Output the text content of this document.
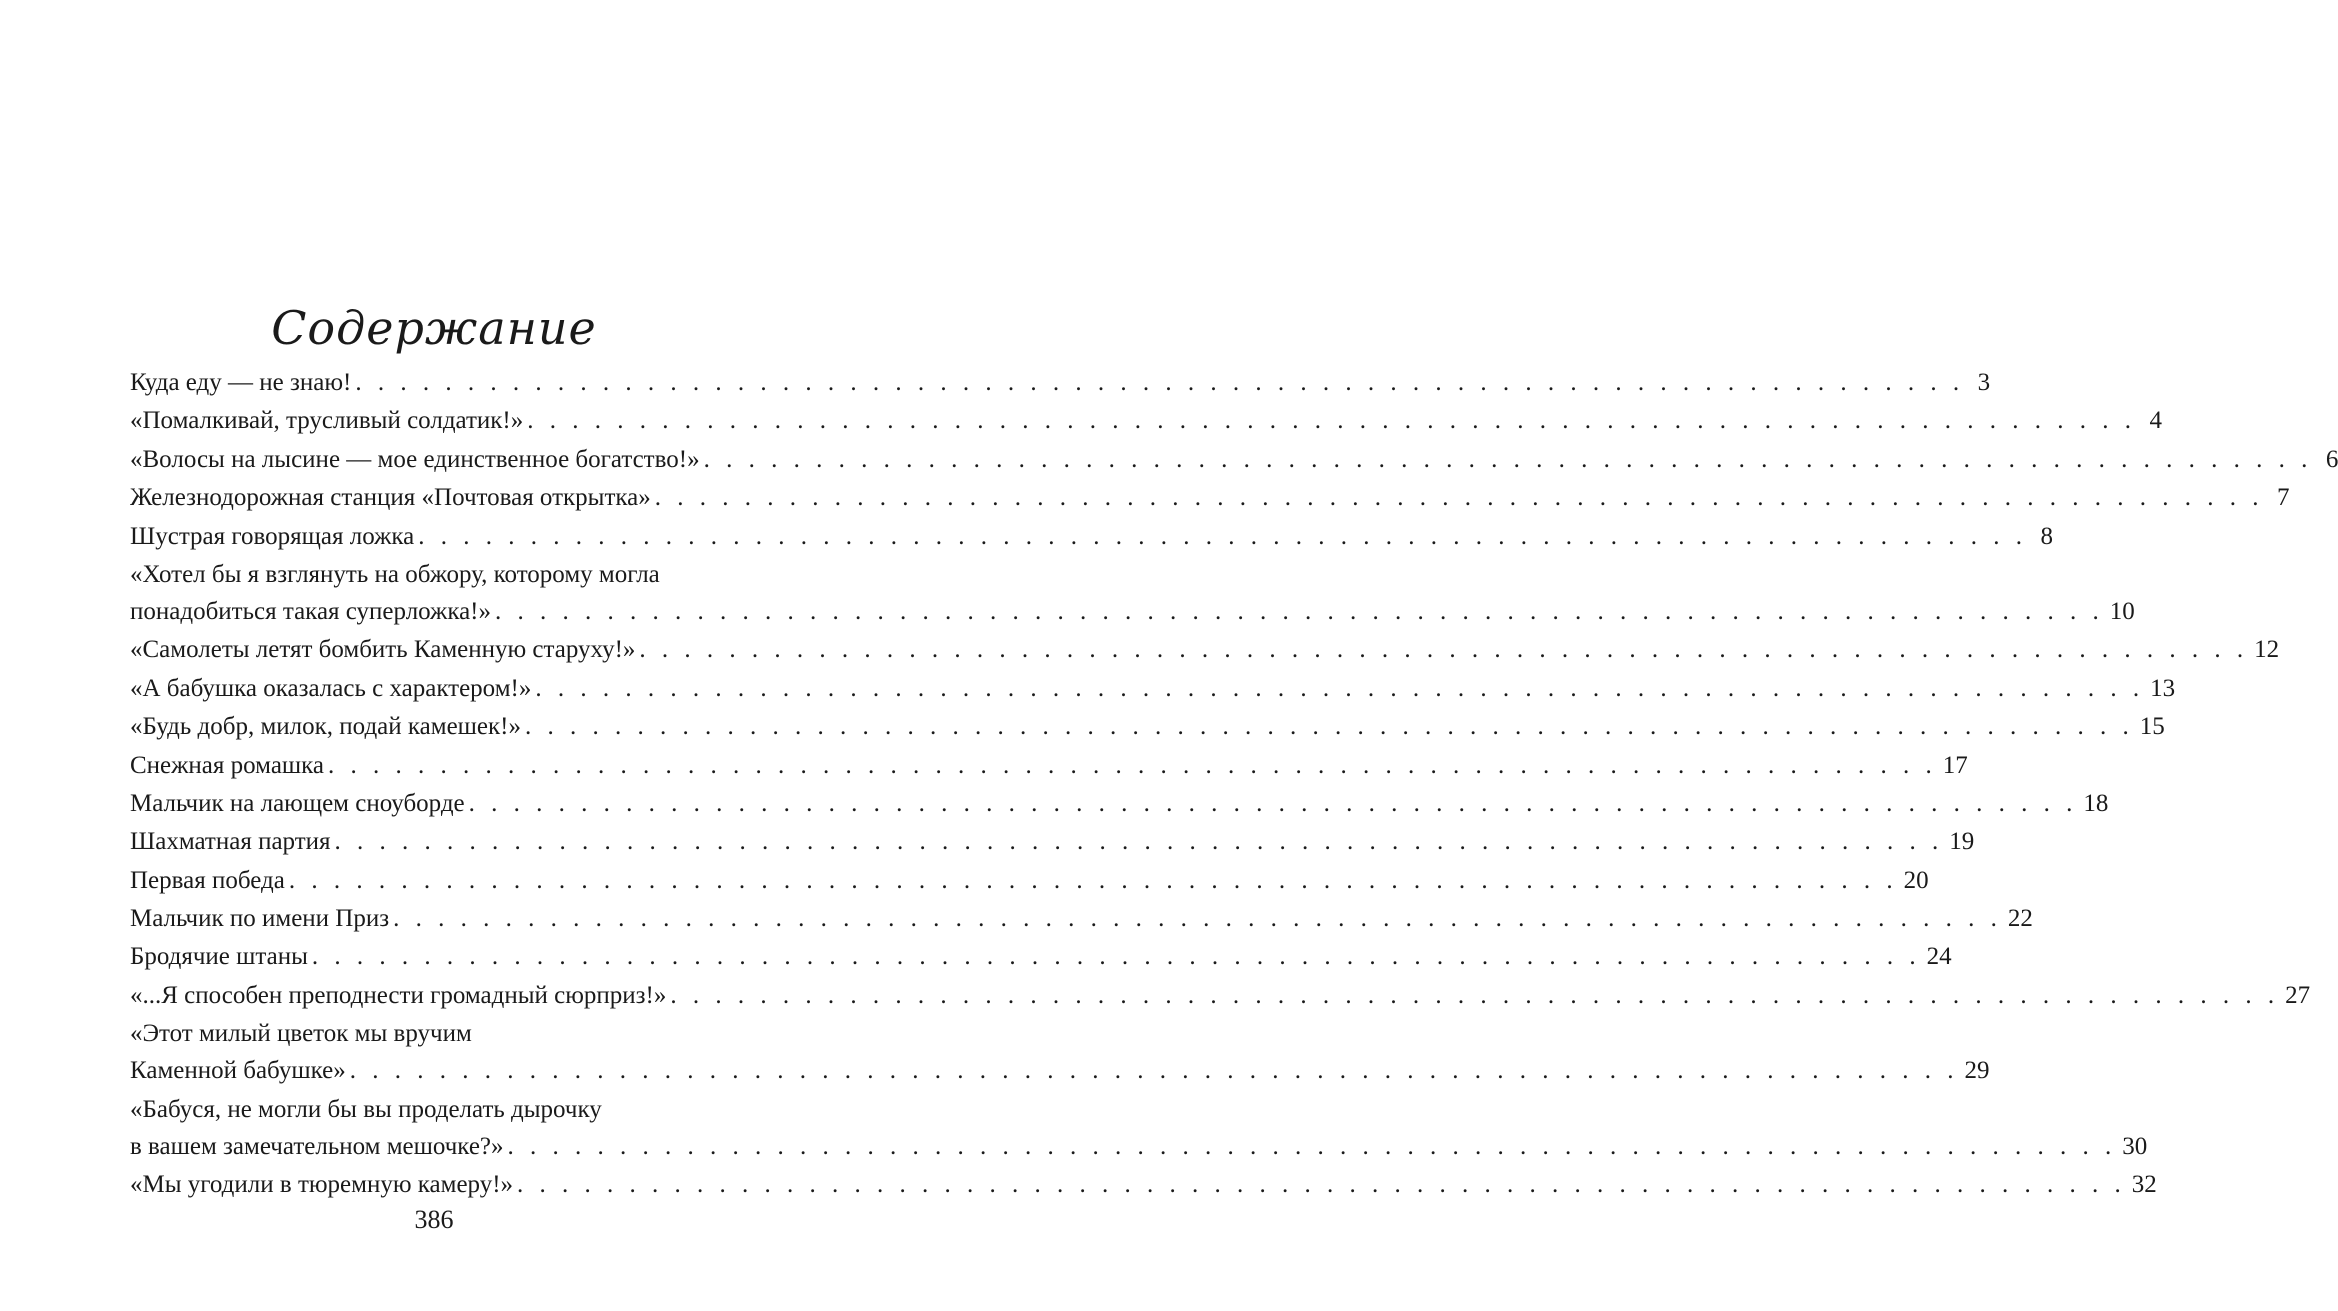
Содержание
Куда еду — не знаю! . . . . . . . . . . . . . . . . . . . . . . . . . . . . . . . . . . . . . . . . . . . . . . . . . . . . . . . . . . . . . . . . . . . . . . . . 3
«Помалкивай, трусливый солдатик!» . . . . . . . . . . . . . . . . . . . . . . . . . . . . . . . . . . . . . . . . . . . . . . . . . . . . . . . . . . . . . . . . . . . . . . . . 4
«Волосы на лысине — мое единственное богатство!» . . . . . . . . . . . . . . . . . . . . . . . . . . . . . . . . . . . . . . . . . . . . . . . . . . . . . . . . . . . . . . . . . . . . . . . . 6
Железнодорожная станция «Почтовая открытка» . . . . . . . . . . . . . . . . . . . . . . . . . . . . . . . . . . . . . . . . . . . . . . . . . . . . . . . . . . . . . . . . . . . . . . . . 7
Шустрая говорящая ложка . . . . . . . . . . . . . . . . . . . . . . . . . . . . . . . . . . . . . . . . . . . . . . . . . . . . . . . . . . . . . . . . . . . . . . . . 8
«Хотел бы я взглянуть на обжору, которому могла
понадобиться такая суперложка!» . . . . . . . . . . . . . . . . . . . . . . . . . . . . . . . . . . . . . . . . . . . . . . . . . . . . . . . . . . . . . . . . . . . . . . . . 10
«Самолеты летят бомбить Каменную старуху!» . . . . . . . . . . . . . . . . . . . . . . . . . . . . . . . . . . . . . . . . . . . . . . . . . . . . . . . . . . . . . . . . . . . . . . . . 12
«А бабушка оказалась с характером!» . . . . . . . . . . . . . . . . . . . . . . . . . . . . . . . . . . . . . . . . . . . . . . . . . . . . . . . . . . . . . . . . . . . . . . . . 13
«Будь добр, милок, подай камешек!» . . . . . . . . . . . . . . . . . . . . . . . . . . . . . . . . . . . . . . . . . . . . . . . . . . . . . . . . . . . . . . . . . . . . . . . . 15
Снежная ромашка . . . . . . . . . . . . . . . . . . . . . . . . . . . . . . . . . . . . . . . . . . . . . . . . . . . . . . . . . . . . . . . . . . . . . . . . 17
Мальчик на лающем сноуборде . . . . . . . . . . . . . . . . . . . . . . . . . . . . . . . . . . . . . . . . . . . . . . . . . . . . . . . . . . . . . . . . . . . . . . . . 18
Шахматная партия . . . . . . . . . . . . . . . . . . . . . . . . . . . . . . . . . . . . . . . . . . . . . . . . . . . . . . . . . . . . . . . . . . . . . . . . 19
Первая победа . . . . . . . . . . . . . . . . . . . . . . . . . . . . . . . . . . . . . . . . . . . . . . . . . . . . . . . . . . . . . . . . . . . . . . . . 20
Мальчик по имени Приз . . . . . . . . . . . . . . . . . . . . . . . . . . . . . . . . . . . . . . . . . . . . . . . . . . . . . . . . . . . . . . . . . . . . . . . . 22
Бродячие штаны . . . . . . . . . . . . . . . . . . . . . . . . . . . . . . . . . . . . . . . . . . . . . . . . . . . . . . . . . . . . . . . . . . . . . . . . 24
«...Я способен преподнести громадный сюрприз!» . . . . . . . . . . . . . . . . . . . . . . . . . . . . . . . . . . . . . . . . . . . . . . . . . . . . . . . . . . . . . . . . . . . . . . . . 27
«Этот милый цветок мы вручим
Каменной бабушке» . . . . . . . . . . . . . . . . . . . . . . . . . . . . . . . . . . . . . . . . . . . . . . . . . . . . . . . . . . . . . . . . . . . . . . . . 29
«Бабуся, не могли бы вы проделать дырочку
в вашем замечательном мешочке?» . . . . . . . . . . . . . . . . . . . . . . . . . . . . . . . . . . . . . . . . . . . . . . . . . . . . . . . . . . . . . . . . . . . . . . . . 30
«Мы угодили в тюремную камеру!» . . . . . . . . . . . . . . . . . . . . . . . . . . . . . . . . . . . . . . . . . . . . . . . . . . . . . . . . . . . . . . . . . . . . . . . . 32
386
